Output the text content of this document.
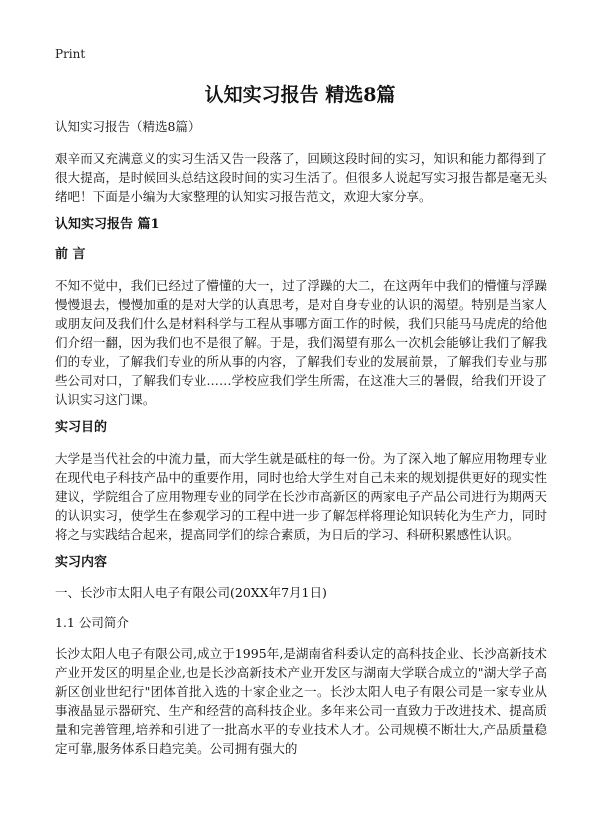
Print
认知实习报告 精选8篇
认知实习报告（精选8篇）

艰辛而又充满意义的实习生活又告一段落了，回顾这段时间的实习，知识和能力都得到了很大提高，是时候回头总结这段时间的实习生活了。但很多人说起写实习报告都是毫无头绪吧！下面是小编为大家整理的认知实习报告范文，欢迎大家分享。

认知实习报告 篇1
前 言

不知不觉中，我们已经过了懵懂的大一，过了浮躁的大二，在这两年中我们的懵懂与浮躁慢慢退去，慢慢加重的是对大学的认真思考，是对自身专业的认识的渴望。特别是当家人或朋友问及我们什么是材料科学与工程从事哪方面工作的时候，我们只能马马虎虎的给他们介绍一翻，因为我们也不是很了解。于是，我们渴望有那么一次机会能够让我们了解我们的专业，了解我们专业的所从事的内容，了解我们专业的发展前景，了解我们专业与那些公司对口，了解我们专业……学校应我们学生所需，在这准大三的暑假，给我们开设了认识实习这门课。

实习目的

大学是当代社会的中流力量，而大学生就是砥柱的每一份。为了深入地了解应用物理专业在现代电子科技产品中的重要作用，同时也给大学生对自己未来的规划提供更好的现实性建议，学院组合了应用物理专业的同学在长沙市高新区的两家电子产品公司进行为期两天的认识实习，使学生在参观学习的工程中进一步了解怎样将理论知识转化为生产力，同时将之与实践结合起来，提高同学们的综合素质，为日后的学习、科研积累感性认识。

实习内容
一、长沙市太阳人电子有限公司(20XX年7月1日)
1.1 公司简介

长沙太阳人电子有限公司,成立于1995年,是湖南省科委认定的高科技企业、长沙高新技术产业开发区的明星企业,也是长沙高新技术产业开发区与湖南大学联合成立的"湖大学子高新区创业世纪行"团体首批入选的十家企业之一。长沙太阳人电子有限公司是一家专业从事液晶显示器研究、生产和经营的高科技企业。多年来公司一直致力于改进技术、提高质量和完善管理,培养和引进了一批高水平的专业技术人才。公司规模不断壮大,产品质量稳定可靠,服务体系日趋完美。公司拥有强大的
